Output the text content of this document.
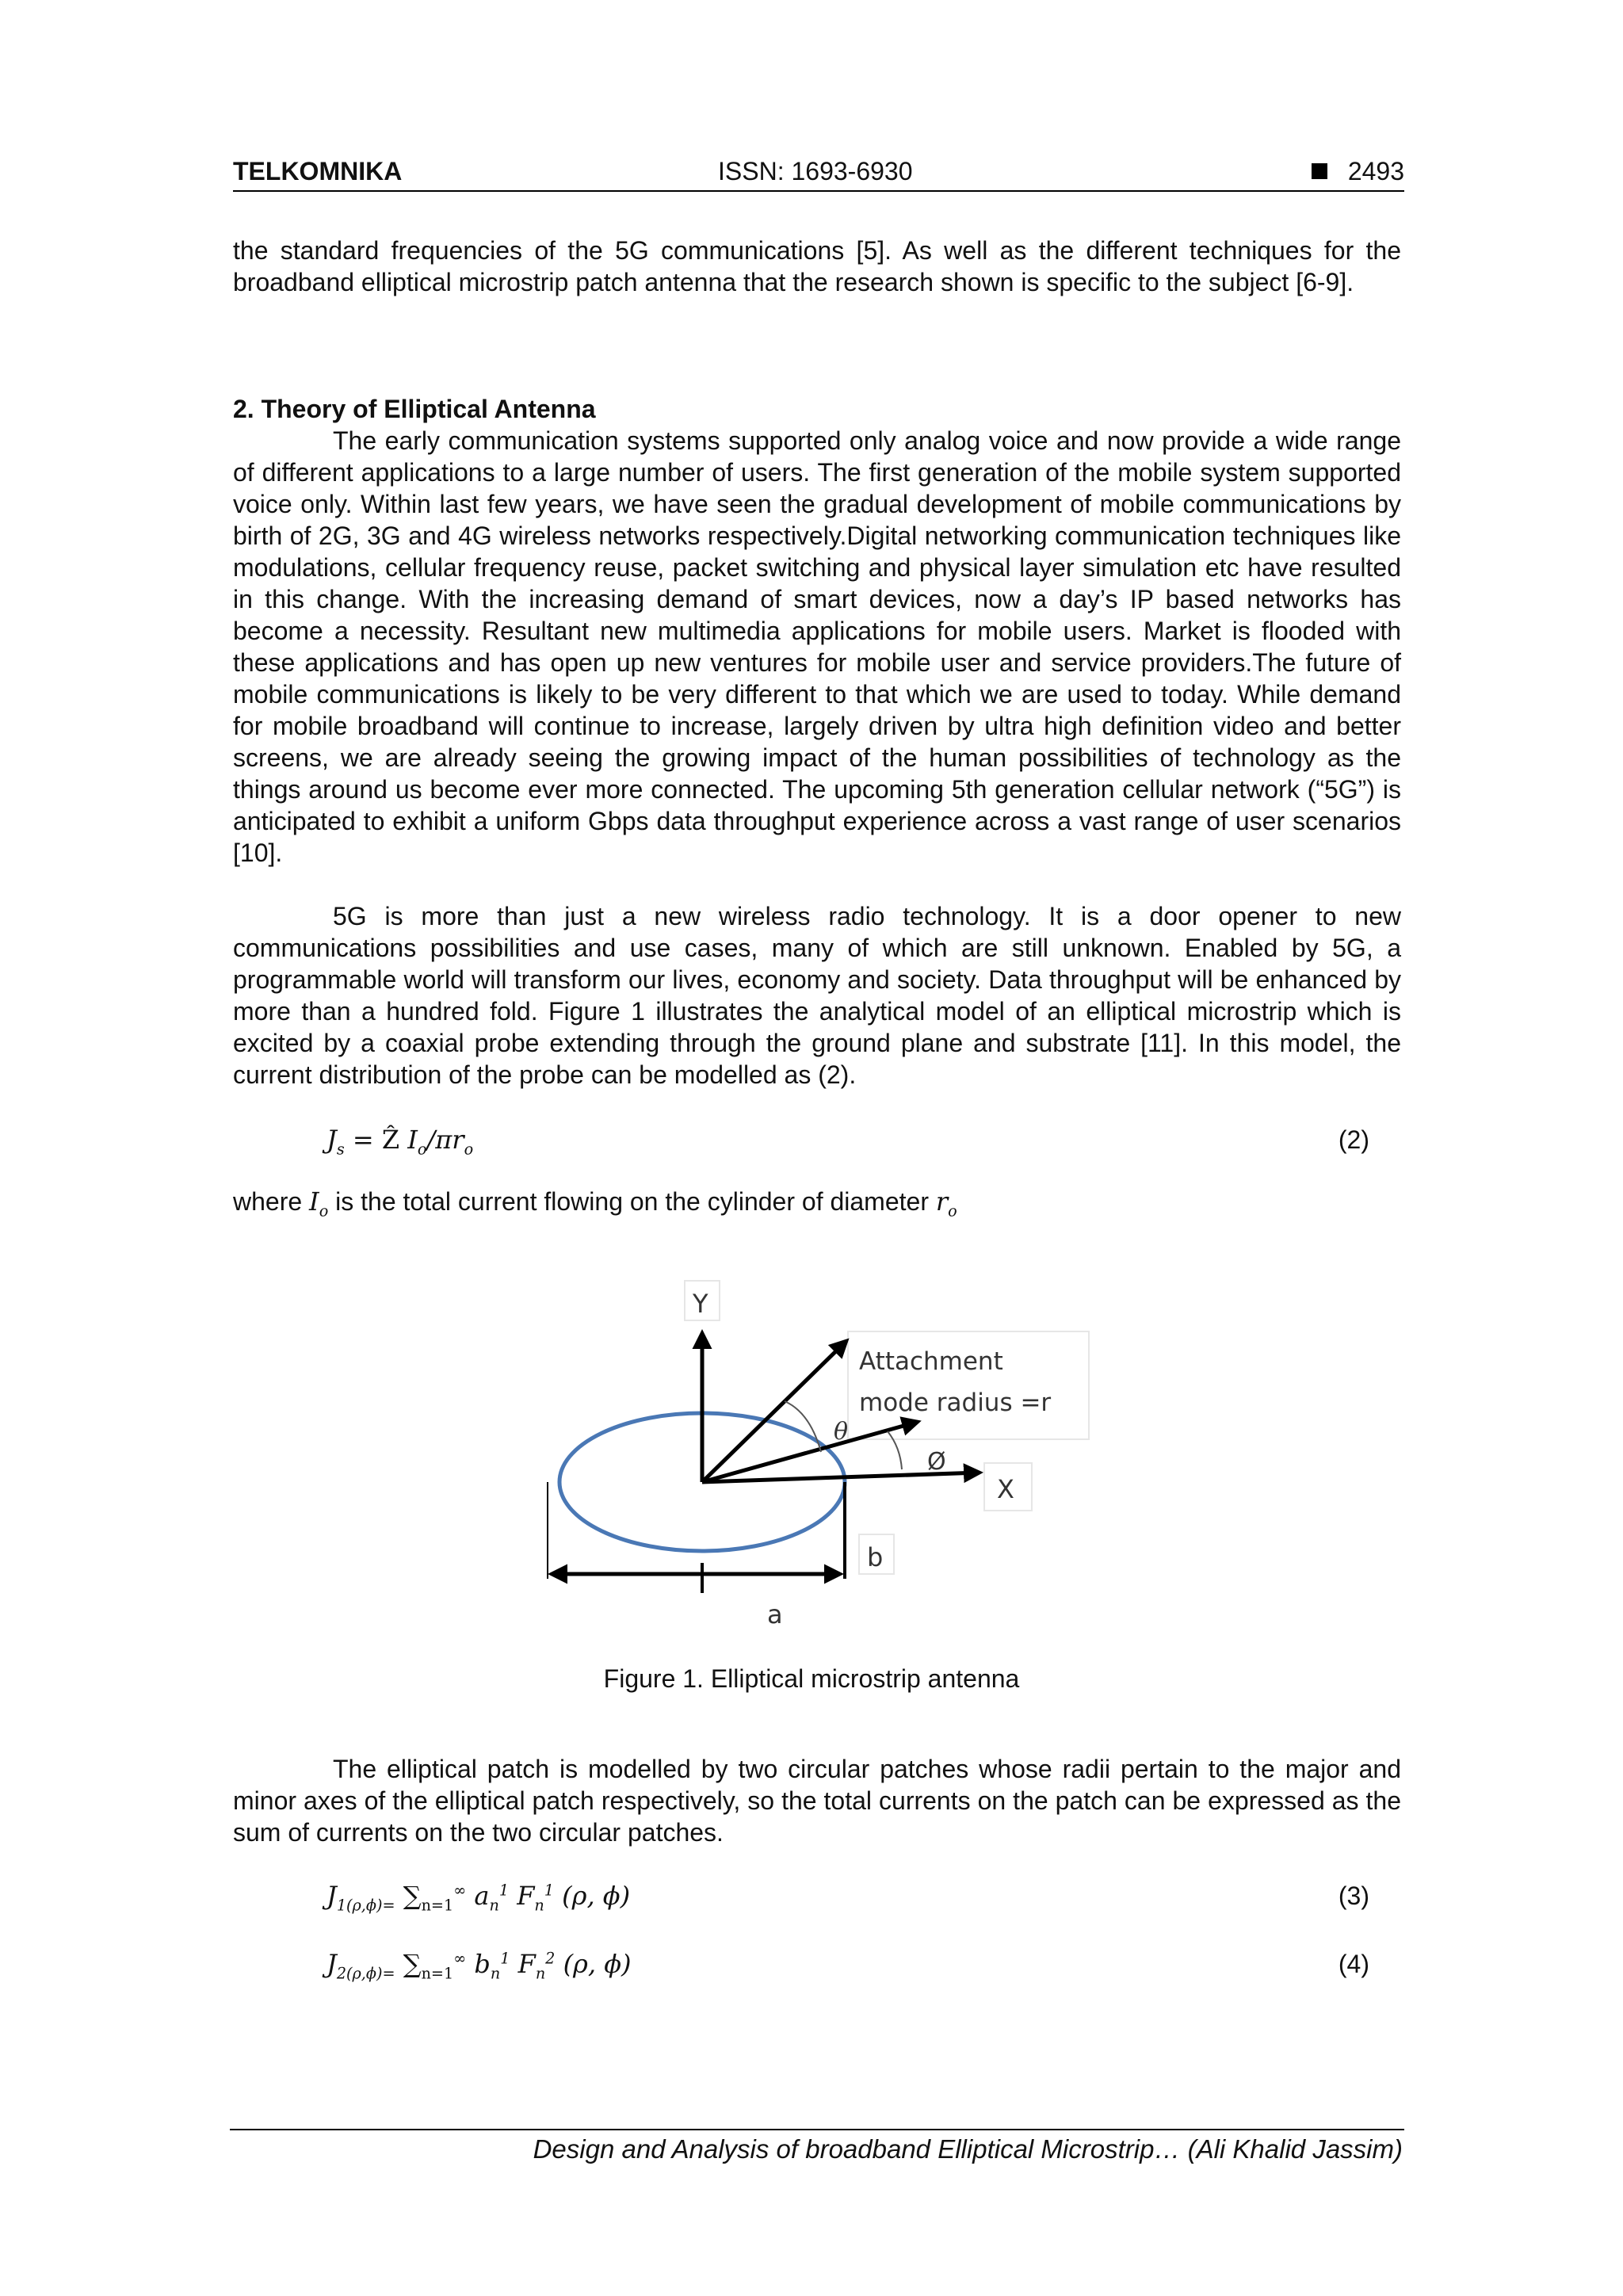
TELKOMNIKA	ISSN: 1693-6930	2493

the standard frequencies of the 5G communications [5]. As well as the different techniques for the broadband elliptical microstrip patch antenna that the research shown is specific to the subject [6-9].

2. Theory of Elliptical Antenna

The early communication systems supported only analog voice and now provide a wide range of different applications to a large number of users. The first generation of the mobile system supported voice only. Within last few years, we have seen the gradual development of mobile communications by birth of 2G, 3G and 4G wireless networks respectively.Digital networking communication techniques like modulations, cellular frequency reuse, packet switching and physical layer simulation etc have resulted in this change. With the increasing demand of smart devices, now a day’s IP based networks has become a necessity. Resultant new multimedia applications for mobile users. Market is flooded with these applications and has open up new ventures for mobile user and service providers.The future of mobile communications is likely to be very different to that which we are used to today. While demand for mobile broadband will continue to increase, largely driven by ultra high definition video and better screens, we are already seeing the growing impact of the human possibilities of technology as the things around us become ever more connected. The upcoming 5th generation cellular network (“5G”) is anticipated to exhibit a uniform Gbps data throughput experience across a vast range of user scenarios [10].

5G is more than just a new wireless radio technology. It is a door opener to new communications possibilities and use cases, many of which are still unknown. Enabled by 5G, a programmable world will transform our lives, economy and society. Data throughput will be enhanced by more than a hundred fold. Figure 1 illustrates the analytical model of an elliptical microstrip which is excited by a coaxial probe extending through the ground plane and substrate [11]. In this model, the current distribution of the probe can be modelled as (2).

$J_s$ = Ẑ $I_o/\pi r_o$	(2)
where $I_o$ is the total current flowing on the cylinder of diameter $r_o$
Y
Attachment
mode radius =r
θ
Ø
X
b
a

Figure 1. Elliptical microstrip antenna

The elliptical patch is modelled by two circular patches whose radii pertain to the major and minor axes of the elliptical patch respectively, so the total currents on the patch can be expressed as the sum of currents on the two circular patches.

$J_{1(\rho,\phi)=}$ $\sum_{n=1}^\infty$ $a_n^1$ $F_n^1$ (ρ, ϕ)	(3)
$J_{2(\rho,\phi)=}$ $\sum_{n=1}^\infty$ $b_n^1$ $F_n^2$ (ρ, ϕ)	(4)
Design and Analysis of broadband Elliptical Microstrip… (Ali Khalid Jassim)
